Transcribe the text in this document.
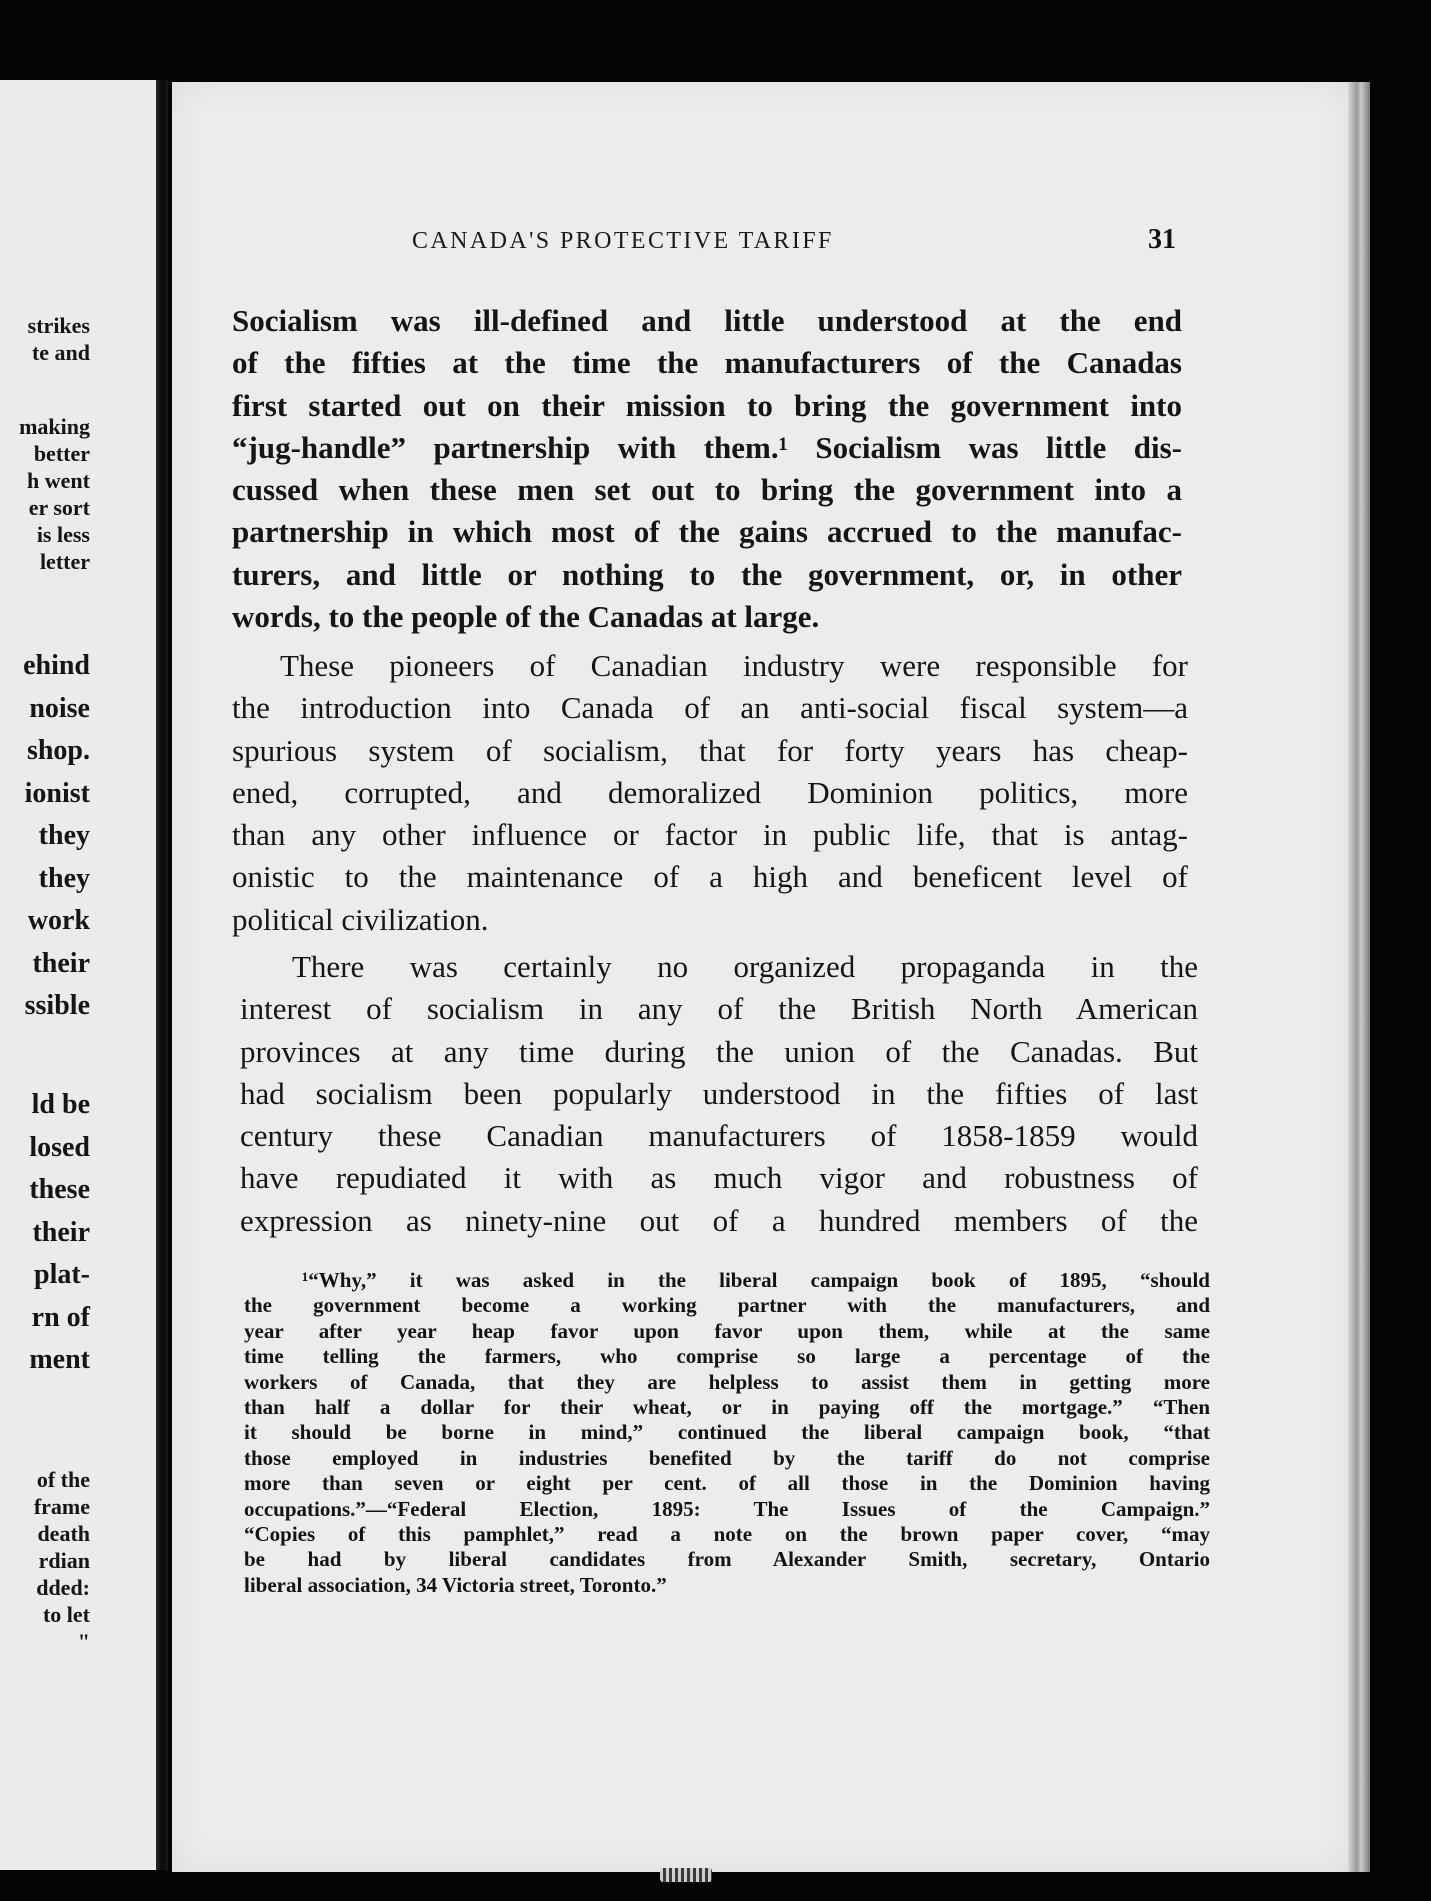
strikes
te and
making
better
h went
er sort
is less
letter
ehind
noise
shop.
ionist
they
they
work
their
ssible
ld be
losed
these
their
plat-
rn of
ment
of the
frame
death
rdian
dded:
to let
"
CANADA'S PROTECTIVE TARIFF	31

Socialism was ill-defined and little understood at the end
of the fifties at the time the manufacturers of the Canadas
first started out on their mission to bring the government into
“jug-handle” partnership with them.¹ Socialism was little dis-
cussed when these men set out to bring the government into a
partnership in which most of the gains accrued to the manufac-
turers, and little or nothing to the government, or, in other
words, to the people of the Canadas at large.

These pioneers of Canadian industry were responsible for
the introduction into Canada of an anti-social fiscal system—a
spurious system of socialism, that for forty years has cheap-
ened, corrupted, and demoralized Dominion politics, more
than any other influence or factor in public life, that is antag-
onistic to the maintenance of a high and beneficent level of
political civilization.

There was certainly no organized propaganda in the
interest of socialism in any of the British North American
provinces at any time during the union of the Canadas. But
had socialism been popularly understood in the fifties of last
century these Canadian manufacturers of 1858-1859 would
have repudiated it with as much vigor and robustness of
expression as ninety-nine out of a hundred members of the

¹“Why,” it was asked in the liberal campaign book of 1895, “should
the government become a working partner with the manufacturers, and
year after year heap favor upon favor upon them, while at the same
time telling the farmers, who comprise so large a percentage of the
workers of Canada, that they are helpless to assist them in getting more
than half a dollar for their wheat, or in paying off the mortgage.” “Then
it should be borne in mind,” continued the liberal campaign book, “that
those employed in industries benefited by the tariff do not comprise
more than seven or eight per cent. of all those in the Dominion having
occupations.”—“Federal Election, 1895: The Issues of the Campaign.”
“Copies of this pamphlet,” read a note on the brown paper cover, “may
be had by liberal candidates from Alexander Smith, secretary, Ontario
liberal association, 34 Victoria street, Toronto.”
